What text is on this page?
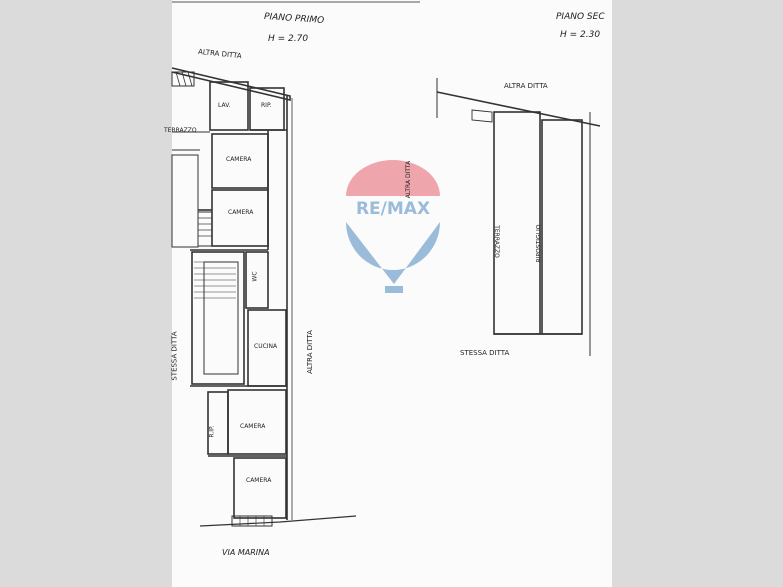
RE/MAX
PIANO PRIMO
H = 2.70
PIANO SEC
H = 2.30
ALTRA DITTA
TERRAZZO
LAV.	RIP.
CAMERA
CAMERA
WC
CUCINA
R.IP.	CAMERA
CAMERA
STESSA DITTA	ALTRA DITTA
VIA MARINA
ALTRA DITTA
ALTRA DITTA
TERRAZZO	RIPOSTIGLIO
STESSA DITTA
